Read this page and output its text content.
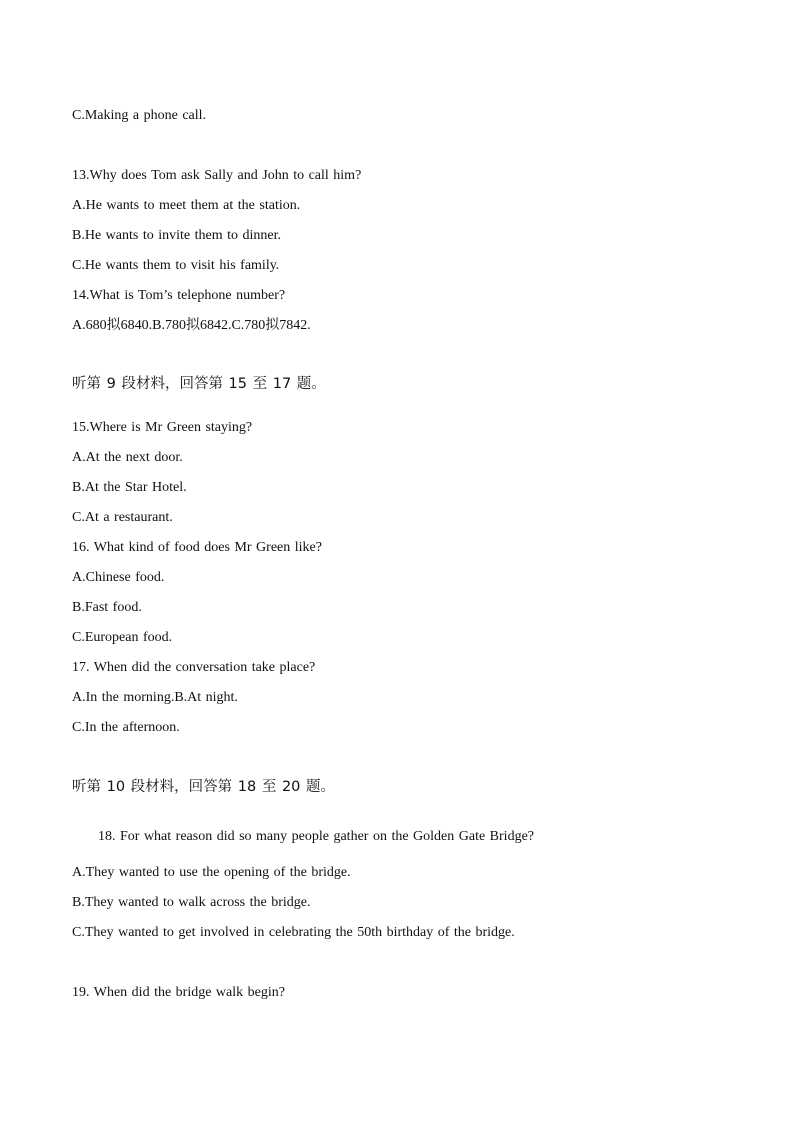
C.Making a phone call.
13.Why does Tom ask Sally and John to call him?
A.He wants to meet them at the station.
B.He wants to invite them to dinner.
C.He wants them to visit his family.
14.What is Tom’s telephone number?
A.680拟6840.B.780拟6842.C.780拟7842.
听第 9 段材料，回答第 15 至 17 题。
15.Where is Mr Green staying?
A.At the next door.
B.At the Star Hotel.
C.At a restaurant.
16. What kind of food does Mr Green like?
A.Chinese food.
B.Fast food.
C.European food.
17. When did the conversation take place?
A.In the morning.B.At night.
C.In the afternoon.
听第 10 段材料，回答第 18 至 20 题。
18. For what reason did so many people gather on the Golden Gate Bridge?
A.They wanted to use the opening of the bridge.
B.They wanted to walk across the bridge.
C.They wanted to get involved in celebrating the 50th birthday of the bridge.
19. When did the bridge walk begin?
